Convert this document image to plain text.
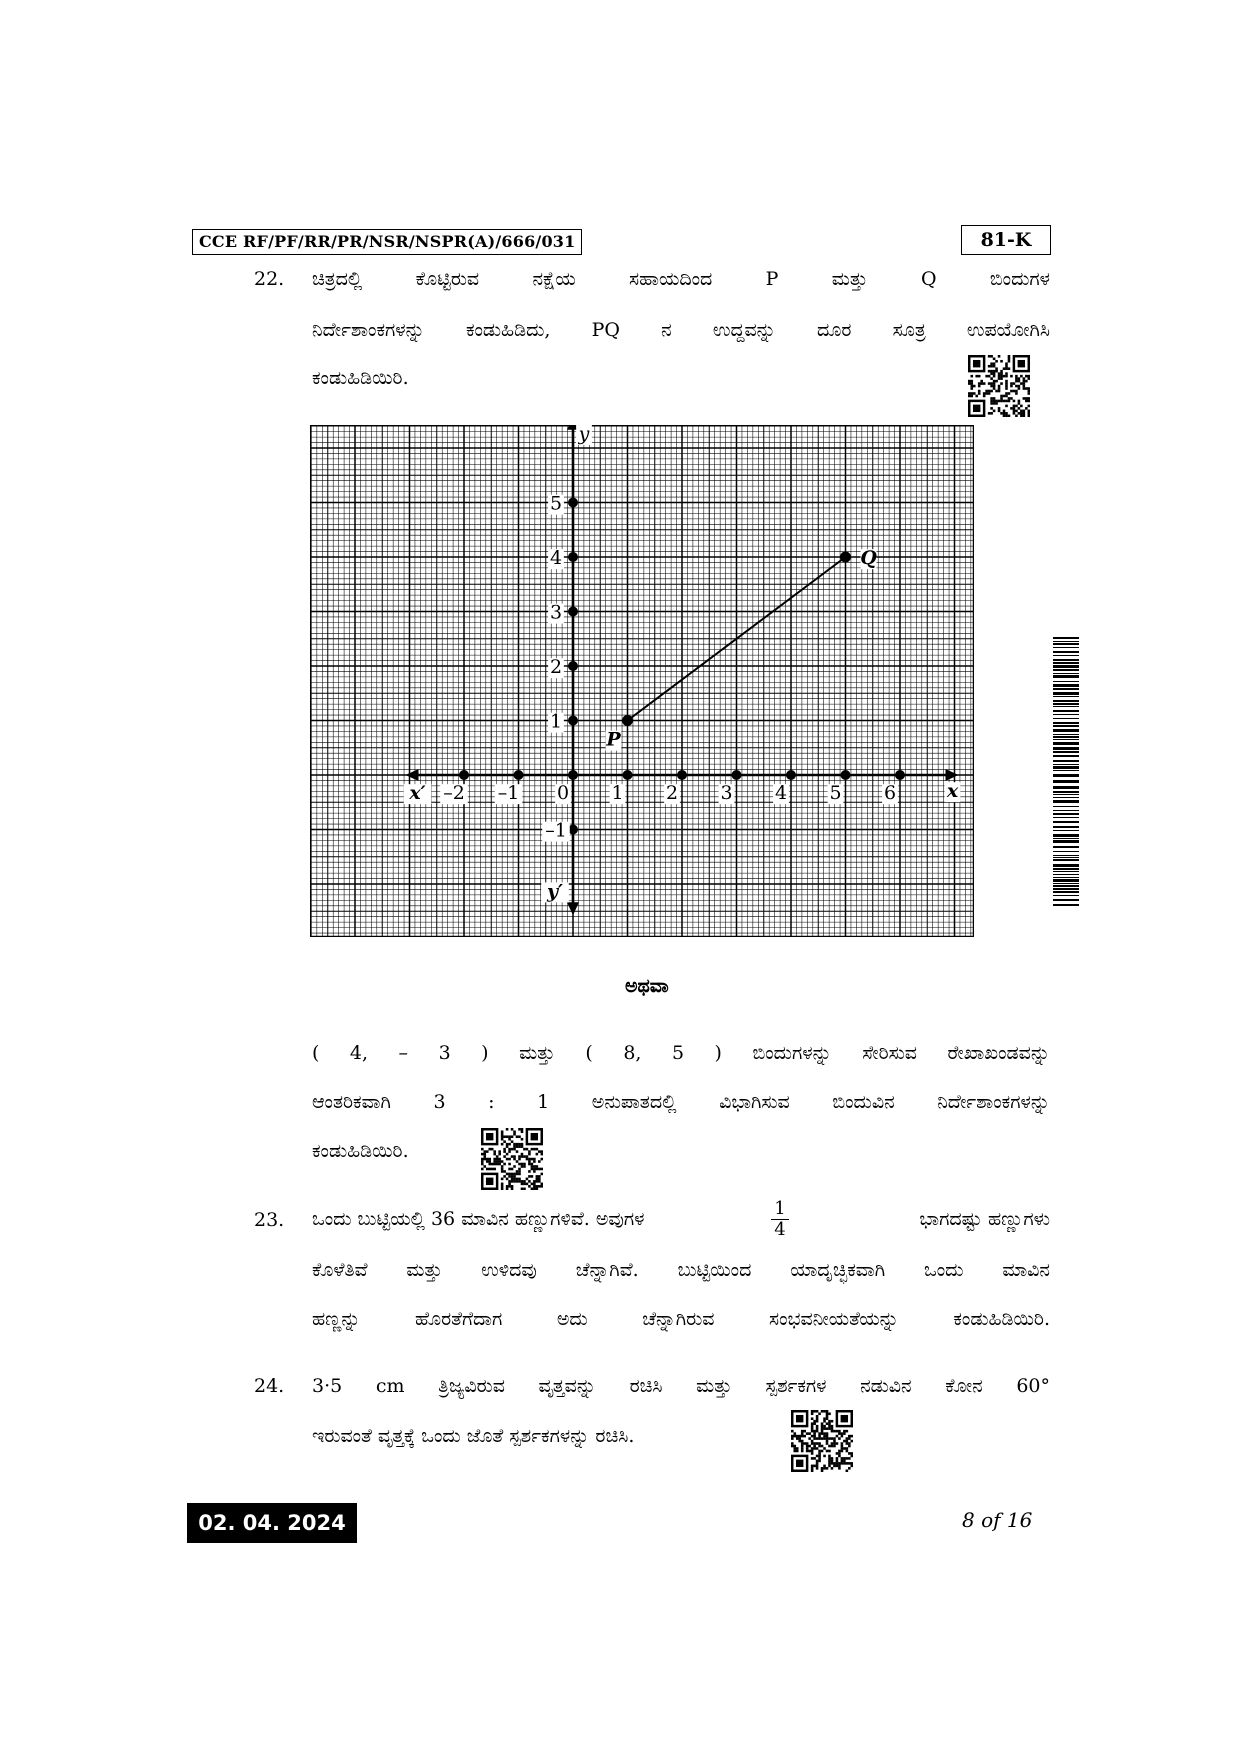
CCE RF/PF/RR/PR/NSR/NSPR(A)/666/031	81-K
22. ಚಿತ್ರದಲ್ಲಿ ಕೊಟ್ಟಿರುವ ನಕ್ಷೆಯ ಸಹಾಯದಿಂದ P ಮತ್ತು Q ಬಿಂದುಗಳ
ನಿರ್ದೇಶಾಂಕಗಳನ್ನು ಕಂಡುಹಿಡಿದು, PQ ನ ಉದ್ದವನ್ನು ದೂರ ಸೂತ್ರ ಉಪಯೋಗಿಸಿ
ಕಂಡುಹಿಡಿಯಿರಿ.
–2 –1 0 1 2 3 4 5 6
5
4
3
2
1
–1
x
x′
y
y′
P
Q
ಅಥವಾ
( 4, – 3 ) ಮತ್ತು ( 8, 5 ) ಬಿಂದುಗಳನ್ನು ಸೇರಿಸುವ ರೇಖಾಖಂಡವನ್ನು
ಆಂತರಿಕವಾಗಿ 3 : 1 ಅನುಪಾತದಲ್ಲಿ ವಿಭಾಗಿಸುವ ಬಿಂದುವಿನ ನಿರ್ದೇಶಾಂಕಗಳನ್ನು
ಕಂಡುಹಿಡಿಯಿರಿ.
23. ಒಂದು ಬುಟ್ಟಿಯಲ್ಲಿ 36 ಮಾವಿನ ಹಣ್ಣುಗಳಿವೆ. ಅವುಗಳ	$\frac{1}{4}$	ಭಾಗದಷ್ಟು ಹಣ್ಣುಗಳು
ಕೊಳೆತಿವೆ ಮತ್ತು ಉಳಿದವು ಚೆನ್ನಾಗಿವೆ. ಬುಟ್ಟಿಯಿಂದ ಯಾದೃಚ್ಛಿಕವಾಗಿ ಒಂದು ಮಾವಿನ
ಹಣ್ಣನ್ನು ಹೊರತೆಗೆದಾಗ ಅದು ಚೆನ್ನಾಗಿರುವ ಸಂಭವನೀಯತೆಯನ್ನು ಕಂಡುಹಿಡಿಯಿರಿ.
24. 3·5 cm ತ್ರಿಜ್ಯವಿರುವ ವೃತ್ತವನ್ನು ರಚಿಸಿ ಮತ್ತು ಸ್ಪರ್ಶಕಗಳ ನಡುವಿನ ಕೋನ 60°
ಇರುವಂತೆ ವೃತ್ತಕ್ಕೆ ಒಂದು ಜೊತೆ ಸ್ಪರ್ಶಕಗಳನ್ನು ರಚಿಸಿ.
02. 04. 2024	8 of 16
